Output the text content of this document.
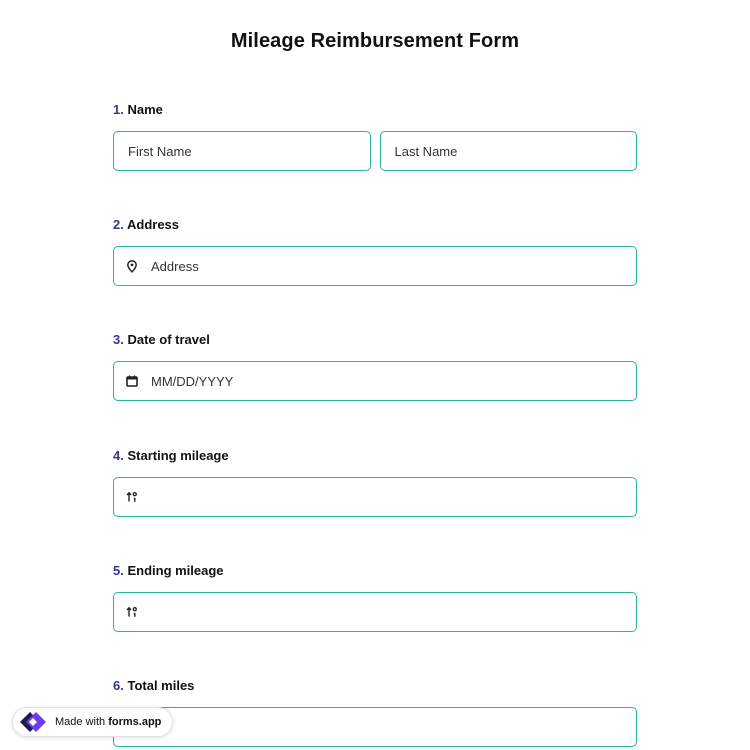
Mileage Reimbursement Form
1. Name
First Name	Last Name
2. Address
Address
3. Date of travel
MM/DD/YYYY
4. Starting mileage
5. Ending mileage
6. Total miles
Made with
forms.app
